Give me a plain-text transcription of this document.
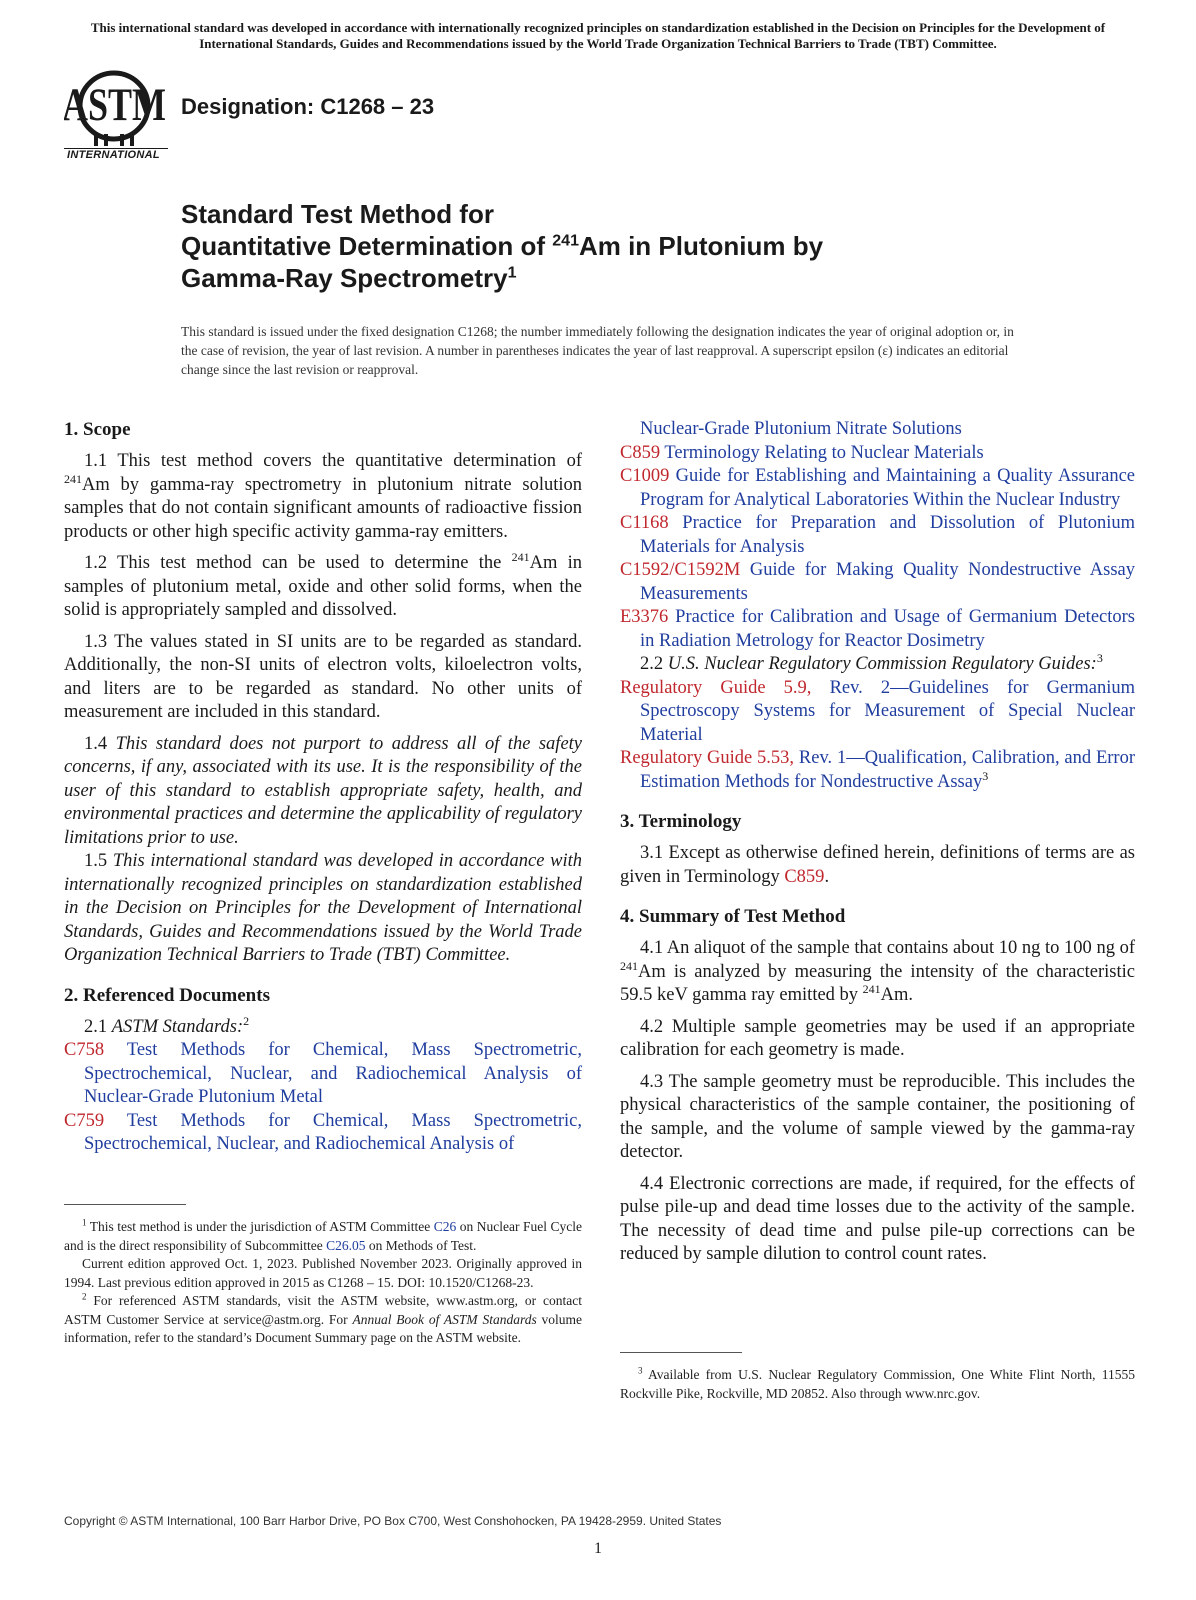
This international standard was developed in accordance with internationally recognized principles on standardization established in the Decision on Principles for the Development of International Standards, Guides and Recommendations issued by the World Trade Organization Technical Barriers to Trade (TBT) Committee.
ASTM
INTERNATIONAL
Designation: C1268 – 23
Standard Test Method for
Quantitative Determination of $^{241}$Am in Plutonium by
Gamma-Ray Spectrometry$^1$
This standard is issued under the fixed designation C1268; the number immediately following the designation indicates the year of original adoption or, in the case of revision, the year of last revision. A number in parentheses indicates the year of last reapproval. A superscript epsilon (ε) indicates an editorial change since the last revision or reapproval.
1. Scope

1.1 This test method covers the quantitative determination of $^{241}$Am by gamma-ray spectrometry in plutonium nitrate solution samples that do not contain significant amounts of radioactive fission products or other high specific activity gamma-ray emitters.

1.2 This test method can be used to determine the $^{241}$Am in samples of plutonium metal, oxide and other solid forms, when the solid is appropriately sampled and dissolved.

1.3 The values stated in SI units are to be regarded as standard. Additionally, the non-SI units of electron volts, kiloelectron volts, and liters are to be regarded as standard. No other units of measurement are included in this standard.

1.4 This standard does not purport to address all of the safety concerns, if any, associated with its use. It is the responsibility of the user of this standard to establish appropriate safety, health, and environmental practices and determine the applicability of regulatory limitations prior to use.

1.5 This international standard was developed in accordance with internationally recognized principles on standardization established in the Decision on Principles for the Development of International Standards, Guides and Recommendations issued by the World Trade Organization Technical Barriers to Trade (TBT) Committee.

2. Referenced Documents

2.1 ASTM Standards:$^2$

C758 Test Methods for Chemical, Mass Spectrometric, Spectrochemical, Nuclear, and Radiochemical Analysis of Nuclear-Grade Plutonium Metal
C759 Test Methods for Chemical, Mass Spectrometric, Spectrochemical, Nuclear, and Radiochemical Analysis of

$^1$ This test method is under the jurisdiction of ASTM Committee C26 on Nuclear Fuel Cycle and is the direct responsibility of Subcommittee C26.05 on Methods of Test.

Current edition approved Oct. 1, 2023. Published November 2023. Originally approved in 1994. Last previous edition approved in 2015 as C1268 – 15. DOI: 10.1520/C1268-23.

$^2$ For referenced ASTM standards, visit the ASTM website, www.astm.org, or contact ASTM Customer Service at service@astm.org. For Annual Book of ASTM Standards volume information, refer to the standard’s Document Summary page on the ASTM website.

Nuclear-Grade Plutonium Nitrate Solutions
C859 Terminology Relating to Nuclear Materials
C1009 Guide for Establishing and Maintaining a Quality Assurance Program for Analytical Laboratories Within the Nuclear Industry
C1168 Practice for Preparation and Dissolution of Plutonium Materials for Analysis
C1592/C1592M Guide for Making Quality Nondestructive Assay Measurements
E3376 Practice for Calibration and Usage of Germanium Detectors in Radiation Metrology for Reactor Dosimetry

2.2 U.S. Nuclear Regulatory Commission Regulatory Guides:$^3$

Regulatory Guide 5.9, Rev. 2—Guidelines for Germanium Spectroscopy Systems for Measurement of Special Nuclear Material
Regulatory Guide 5.53, Rev. 1—Qualification, Calibration, and Error Estimation Methods for Nondestructive Assay$^3$
3. Terminology

3.1 Except as otherwise defined herein, definitions of terms are as given in Terminology C859.

4. Summary of Test Method

4.1 An aliquot of the sample that contains about 10 ng to 100 ng of $^{241}$Am is analyzed by measuring the intensity of the characteristic 59.5 keV gamma ray emitted by $^{241}$Am.

4.2 Multiple sample geometries may be used if an appropriate calibration for each geometry is made.

4.3 The sample geometry must be reproducible. This includes the physical characteristics of the sample container, the positioning of the sample, and the volume of sample viewed by the gamma-ray detector.

4.4 Electronic corrections are made, if required, for the effects of pulse pile-up and dead time losses due to the activity of the sample. The necessity of dead time and pulse pile-up corrections can be reduced by sample dilution to control count rates.

$^3$ Available from U.S. Nuclear Regulatory Commission, One White Flint North, 11555 Rockville Pike, Rockville, MD 20852. Also through www.nrc.gov.

Copyright © ASTM International, 100 Barr Harbor Drive, PO Box C700, West Conshohocken, PA 19428-2959. United States
1
